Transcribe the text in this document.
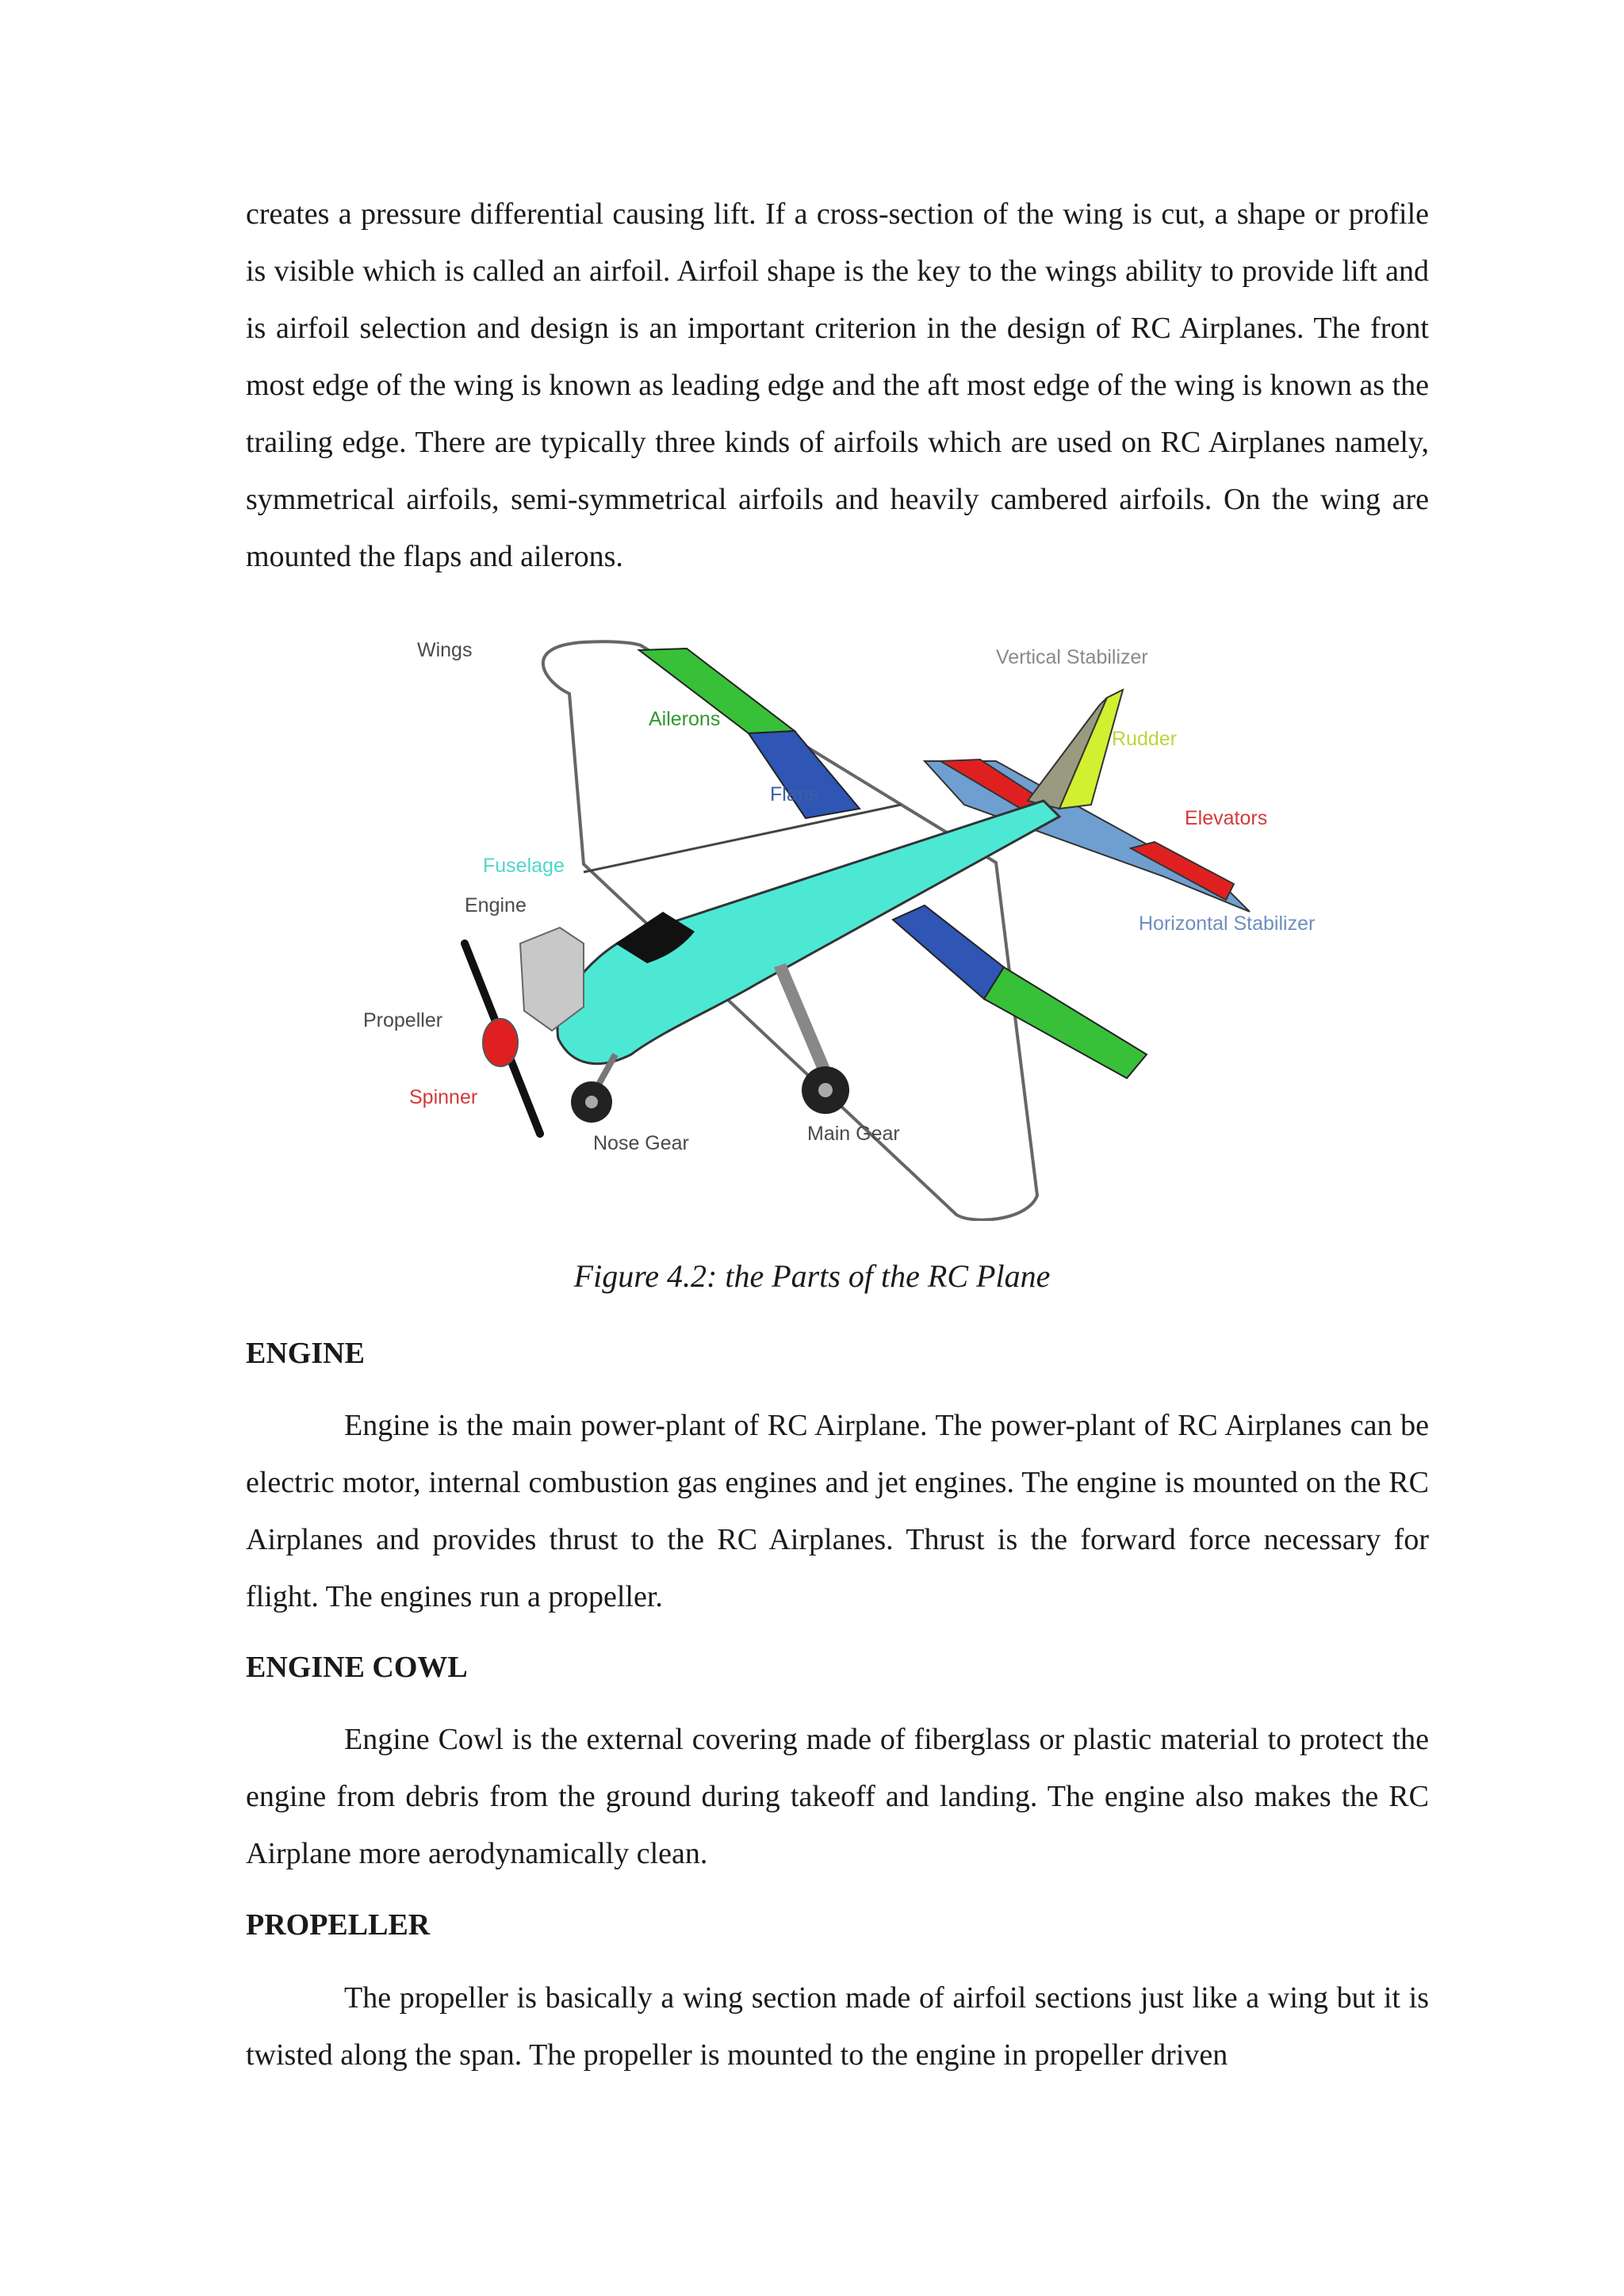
creates a pressure differential causing lift. If a cross-section of the wing is cut, a shape or profile is visible which is called an airfoil. Airfoil shape is the key to the wings ability to provide lift and is airfoil selection and design is an important criterion in the design of RC Airplanes. The front most edge of the wing is known as leading edge and the aft most edge of the wing is known as the trailing edge. There are typically three kinds of airfoils which are used on RC Airplanes namely, symmetrical airfoils, semi-symmetrical airfoils and heavily cambered airfoils. On the wing are mounted the flaps and ailerons.

Wings
Ailerons
Flaps
Fuselage
Engine
Propeller
Spinner
Nose Gear	Main Gear
Vertical Stabilizer
Rudder
Elevators
Horizontal Stabilizer

Figure 4.2: the Parts of the RC Plane

ENGINE

Engine is the main power-plant of RC Airplane. The power-plant of RC Airplanes can be electric motor, internal combustion gas engines and jet engines. The engine is mounted on the RC Airplanes and provides thrust to the RC Airplanes. Thrust is the forward force necessary for flight. The engines run a propeller.

ENGINE COWL

Engine Cowl is the external covering made of fiberglass or plastic material to protect the engine from debris from the ground during takeoff and landing. The engine also makes the RC Airplane more aerodynamically clean.

PROPELLER

The propeller is basically a wing section made of airfoil sections just like a wing but it is twisted along the span. The propeller is mounted to the engine in propeller driven
